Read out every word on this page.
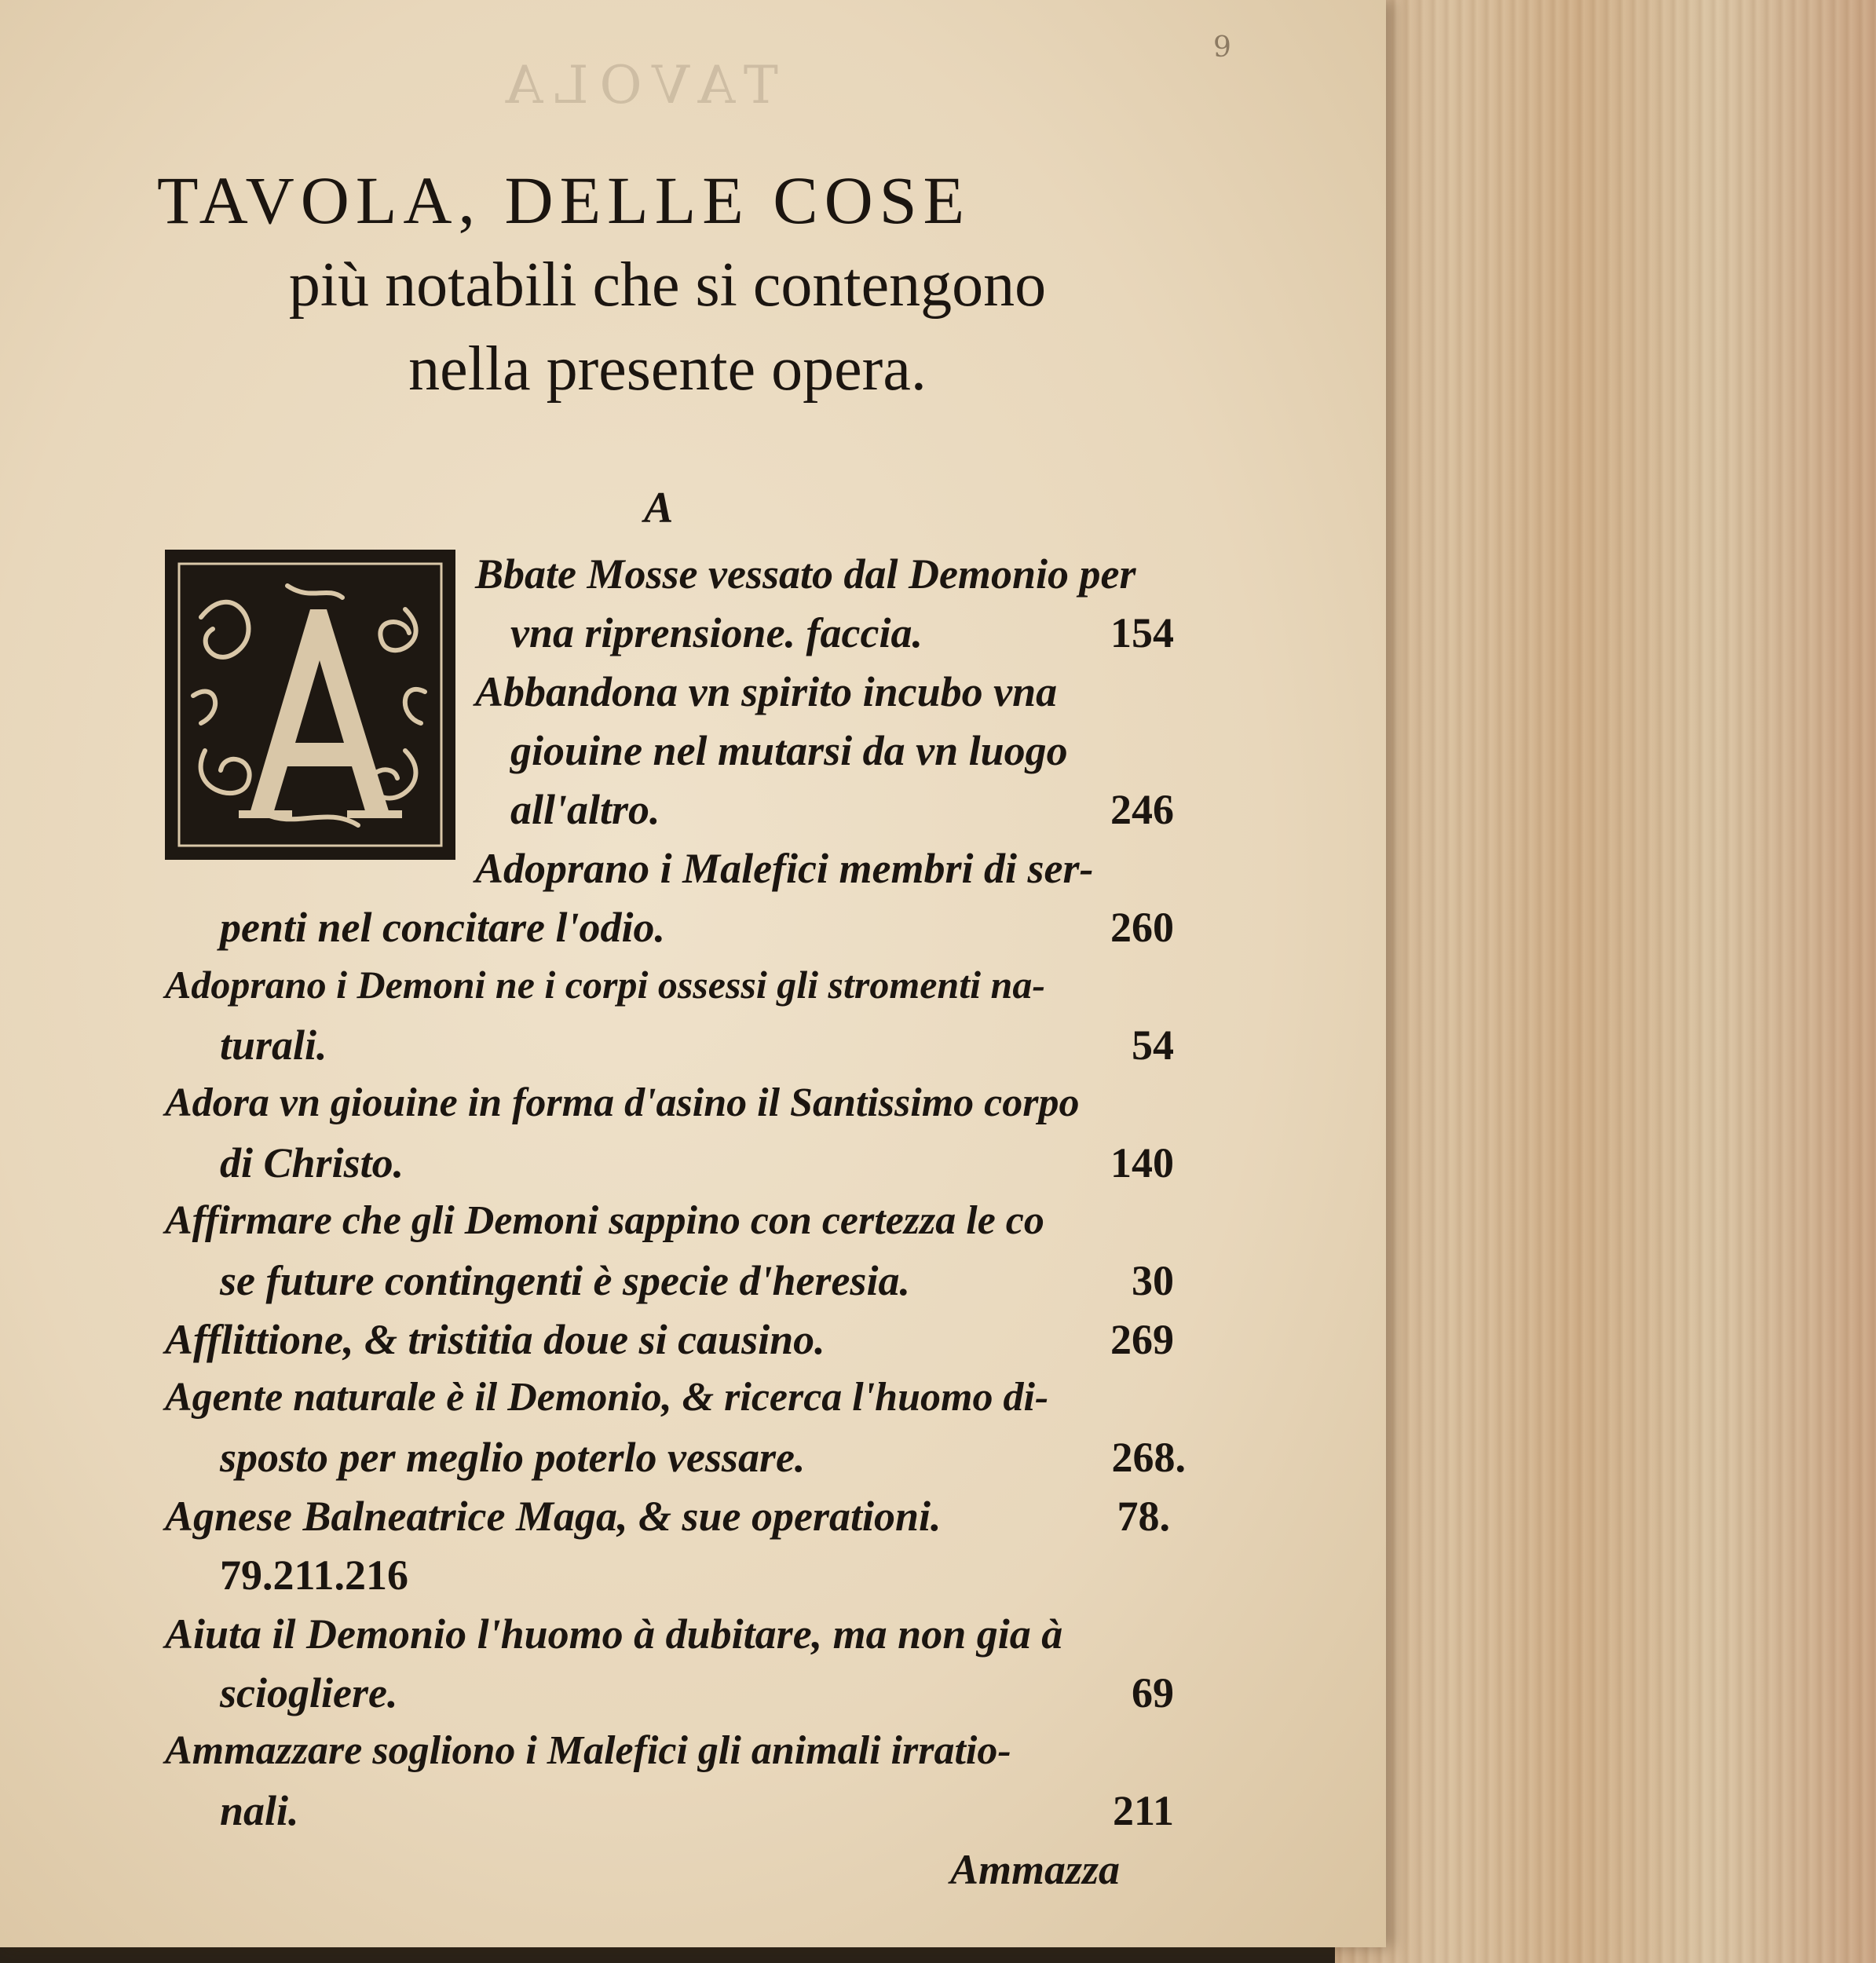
TAVOLA
9
TAVOLA, DELLE COSE
più notabili che si contengono
nella presente opera.
A
Bbate Mosse vessato dal Demonio per
vna riprensione. faccia.	154
Abbandona vn spirito incubo vna
giouine nel mutarsi da vn luogo
all'altro.	246
Adoprano i Malefici membri di ser-
penti nel concitare l'odio.	260
Adoprano i Demoni ne i corpi ossessi gli stromenti na-
turali.	54
Adora vn giouine in forma d'asino il Santissimo corpo
di Christo.	140
Affirmare che gli Demoni sappino con certezza le co
se future contingenti è specie d'heresia.	30
Afflittione, & tristitia doue si causino.	269
Agente naturale è il Demonio, & ricerca l'huomo di-
sposto per meglio poterlo vessare.	268.
Agnese Balneatrice Maga, & sue operationi.	78.
79.211.216
Aiuta il Demonio l'huomo à dubitare, ma non gia à
sciogliere.	69
Ammazzare sogliono i Malefici gli animali irratio-
nali.	211
Ammazza
